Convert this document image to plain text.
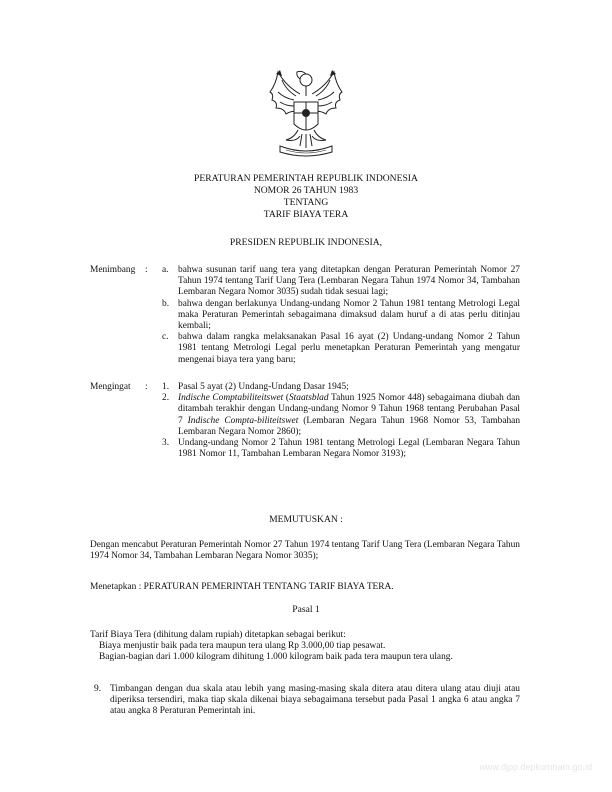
PERATURAN PEMERINTAH REPUBLIK INDONESIA
NOMOR 26 TAHUN 1983
TENTANG
TARIF BIAYA TERA
PRESIDEN REPUBLIK INDONESIA,
Menimbang : a. bahwa susunan tarif uang tera yang ditetapkan dengan Peraturan Pemerintah Nomor 27 Tahun 1974 tentang Tarif Uang Tera (Lembaran Negara Tahun 1974 Nomor 34, Tambahan Lembaran Negara Nomor 3035) sudah tidak sesuai lagi;
b. bahwa dengan berlakunya Undang-undang Nomor 2 Tahun 1981 tentang Metrologi Legal maka Peraturan Pemerintah sebagaimana dimaksud dalam huruf a di atas perlu ditinjau kembali;
c. bahwa dalam rangka melaksanakan Pasal 16 ayat (2) Undang-undang Nomor 2 Tahun 1981 tentang Metrologi Legal perlu menetapkan Peraturan Pemerintah yang mengatur mengenai biaya tera yang baru;
Mengingat : 1. Pasal 5 ayat (2) Undang-Undang Dasar 1945;
2. Indische Comptabiliteitswet (Staatsblad Tahun 1925 Nomor 448) sebagaimana diubah dan ditambah terakhir dengan Undang-undang Nomor 9 Tahun 1968 tentang Perubahan Pasal 7 Indische Compta-biliteitswet (Lembaran Negara Tahun 1968 Nomor 53, Tambahan Lembaran Negara Nomor 2860);
3. Undang-undang Nomor 2 Tahun 1981 tentang Metrologi Legal (Lembaran Negara Tahun 1981 Nomor 11, Tambahan Lembaran Negara Nomor 3193);
MEMUTUSKAN :
Dengan mencabut Peraturan Pemerintah Nomor 27 Tahun 1974 tentang Tarif Uang Tera (Lembaran Negara Tahun 1974 Nomor 34, Tambahan Lembaran Negara Nomor 3035);
Menetapkan : PERATURAN PEMERINTAH TENTANG TARIF BIAYA TERA.
Pasal 1
Tarif Biaya Tera (dihitung dalam rupiah) ditetapkan sebagai berikut:
Biaya menjustir baik pada tera maupun tera ulang Rp 3.000,00 tiap pesawat.
Bagian-bagian dari 1.000 kilogram dihitung 1.000 kilogram baik pada tera maupun tera ulang.
9. Timbangan dengan dua skala atau lebih yang masing-masing skala ditera atau ditera ulang atau diuji atau diperiksa tersendiri, maka tiap skala dikenai biaya sebagaimana tersebut pada Pasal 1 angka 6 atau angka 7 atau angka 8 Peraturan Pemerintah ini.
www.djpp.depkumham.go.id
